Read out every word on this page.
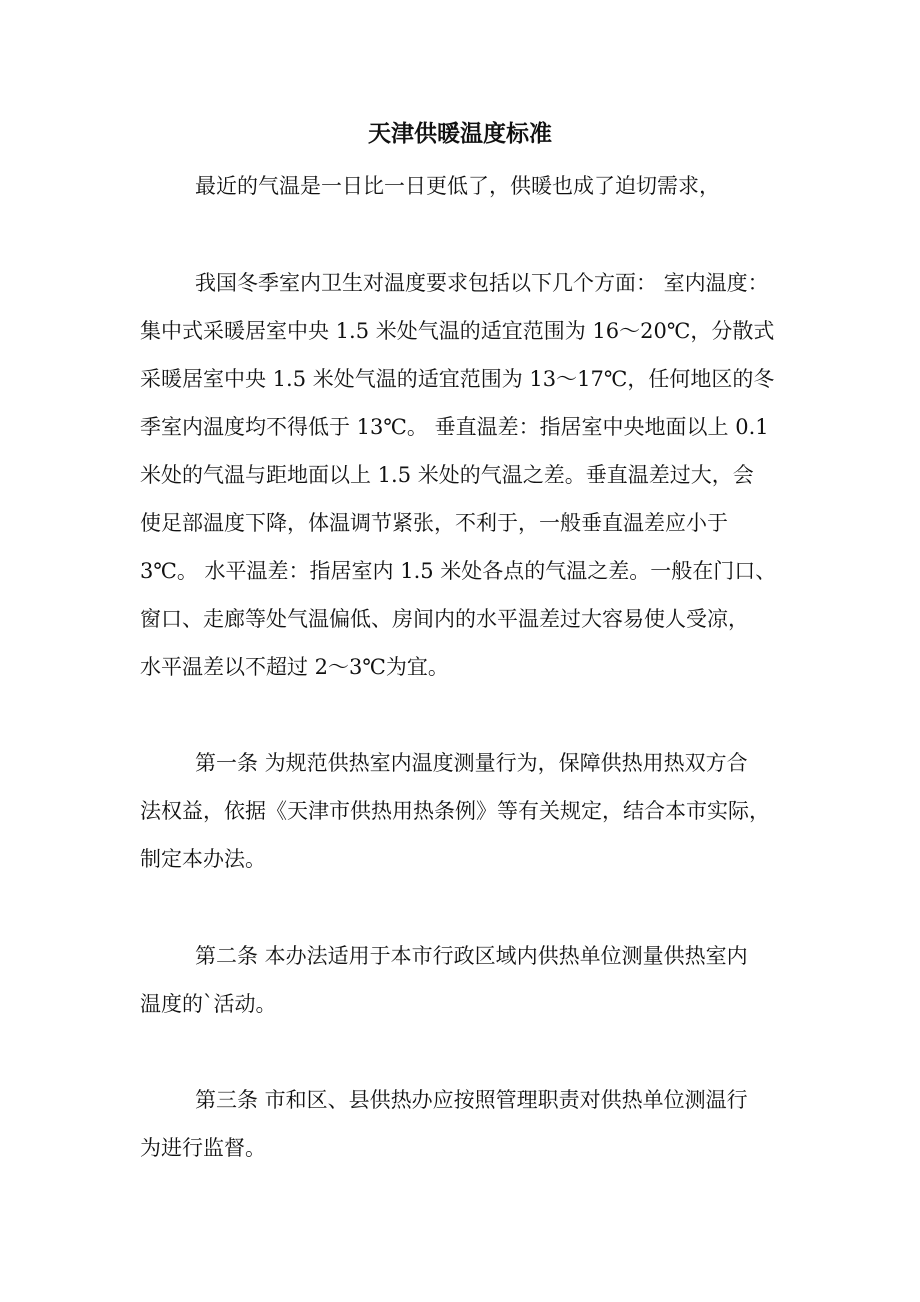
天津供暖温度标准
最近的气温是一日比一日更低了，供暖也成了迫切需求，
我国冬季室内卫生对温度要求包括以下几个方面： 室内温度：
集中式采暖居室中央 1.5 米处气温的适宜范围为 16～20℃，分散式
采暖居室中央 1.5 米处气温的适宜范围为 13～17℃，任何地区的冬
季室内温度均不得低于 13℃。 垂直温差：指居室中央地面以上 0.1
米处的气温与距地面以上 1.5 米处的气温之差。垂直温差过大，会
使足部温度下降，体温调节紧张，不利于，一般垂直温差应小于
3℃。 水平温差：指居室内 1.5 米处各点的气温之差。一般在门口、
窗口、走廊等处气温偏低、房间内的水平温差过大容易使人受凉，
水平温差以不超过 2～3℃为宜。
第一条 为规范供热室内温度测量行为，保障供热用热双方合
法权益，依据《天津市供热用热条例》等有关规定，结合本市实际，
制定本办法。
第二条 本办法适用于本市行政区域内供热单位测量供热室内
温度的`活动。
第三条 市和区、县供热办应按照管理职责对供热单位测温行
为进行监督。
